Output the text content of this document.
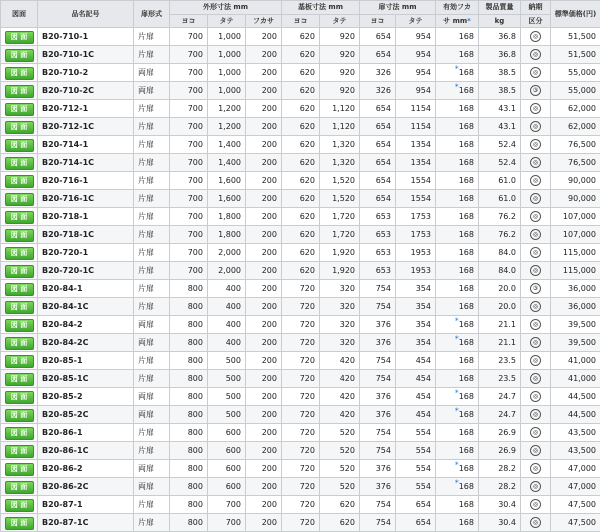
図面	品名記号	扉形式	外形寸法 mm			基板寸法 mm		扉寸法 mm		有効フカ	製品質量	納期	標準価格(円)
			ヨコ	タテ	フカサ	ヨコ	タテ	ヨコ	タテ	サ mm*	kg	区分	
図 面	B20-710-1	片扉	700	1,000	200	620	920	654	954	168	36.8	◎	51,500
図 面	B20-710-1C	片扉	700	1,000	200	620	920	654	954	168	36.8	◎	51,500
図 面	B20-710-2	両扉	700	1,000	200	620	920	326	954	*168	38.5	◎	55,000
図 面	B20-710-2C	両扉	700	1,000	200	620	920	326	954	*168	38.5	③	55,000
図 面	B20-712-1	片扉	700	1,200	200	620	1,120	654	1154	168	43.1	◎	62,000
図 面	B20-712-1C	片扉	700	1,200	200	620	1,120	654	1154	168	43.1	◎	62,000
図 面	B20-714-1	片扉	700	1,400	200	620	1,320	654	1354	168	52.4	◎	76,500
図 面	B20-714-1C	片扉	700	1,400	200	620	1,320	654	1354	168	52.4	◎	76,500
図 面	B20-716-1	片扉	700	1,600	200	620	1,520	654	1554	168	61.0	◎	90,000
図 面	B20-716-1C	片扉	700	1,600	200	620	1,520	654	1554	168	61.0	◎	90,000
図 面	B20-718-1	片扉	700	1,800	200	620	1,720	653	1753	168	76.2	◎	107,000
図 面	B20-718-1C	片扉	700	1,800	200	620	1,720	653	1753	168	76.2	◎	107,000
図 面	B20-720-1	片扉	700	2,000	200	620	1,920	653	1953	168	84.0	◎	115,000
図 面	B20-720-1C	片扉	700	2,000	200	620	1,920	653	1953	168	84.0	◎	115,000
図 面	B20-84-1	片扉	800	400	200	720	320	754	354	168	20.0	③	36,000
図 面	B20-84-1C	片扉	800	400	200	720	320	754	354	168	20.0	◎	36,000
図 面	B20-84-2	両扉	800	400	200	720	320	376	354	*168	21.1	◎	39,500
図 面	B20-84-2C	両扉	800	400	200	720	320	376	354	*168	21.1	◎	39,500
図 面	B20-85-1	片扉	800	500	200	720	420	754	454	168	23.5	◎	41,000
図 面	B20-85-1C	片扉	800	500	200	720	420	754	454	168	23.5	◎	41,000
図 面	B20-85-2	両扉	800	500	200	720	420	376	454	*168	24.7	◎	44,500
図 面	B20-85-2C	両扉	800	500	200	720	420	376	454	*168	24.7	◎	44,500
図 面	B20-86-1	片扉	800	600	200	720	520	754	554	168	26.9	◎	43,500
図 面	B20-86-1C	片扉	800	600	200	720	520	754	554	168	26.9	◎	43,500
図 面	B20-86-2	両扉	800	600	200	720	520	376	554	*168	28.2	◎	47,000
図 面	B20-86-2C	両扉	800	600	200	720	520	376	554	*168	28.2	◎	47,000
図 面	B20-87-1	片扉	800	700	200	720	620	754	654	168	30.4	◎	47,500
図 面	B20-87-1C	片扉	800	700	200	720	620	754	654	168	30.4	◎	47,500
